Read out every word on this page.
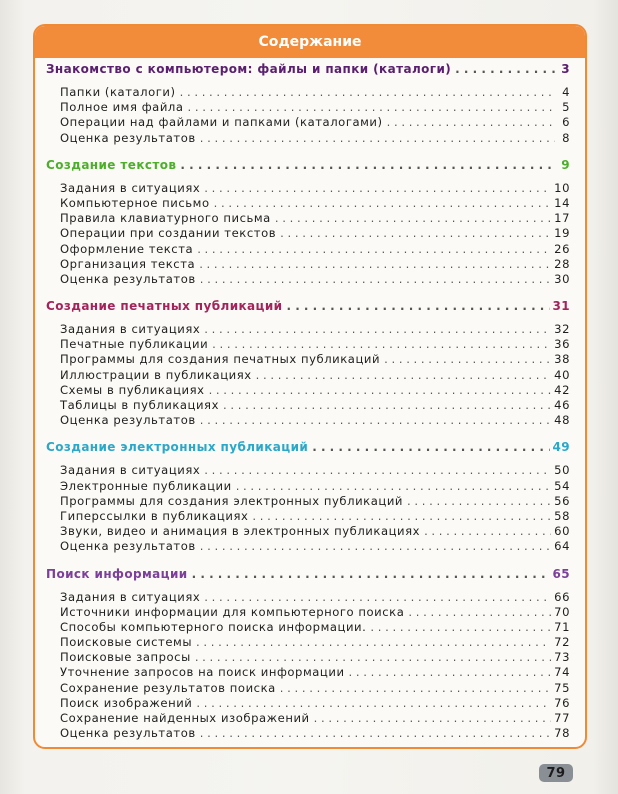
Содержание
Знакомство с компьютером: файлы и папки (каталоги) . . .	3
Папки (каталоги) . . .	4
Полное имя файла . . .	5
Операции над файлами и папками (каталогами) . . .	6
Оценка результатов . . .	8
Создание текстов . . .	9
Задания в ситуациях . . .	10
Компьютерное письмо . . .	14
Правила клавиатурного письма . . .	17
Операции при создании текстов . . .	19
Оформление текста . . .	26
Организация текста . . .	28
Оценка результатов . . .	30
Создание печатных публикаций . . .	31
Задания в ситуациях . . .	32
Печатные публикации . . .	36
Программы для создания печатных публикаций . . .	38
Иллюстрации в публикациях . . .	40
Схемы в публикациях . . .	42
Таблицы в публикациях . . .	46
Оценка результатов . . .	48
Создание электронных публикаций . . .	49
Задания в ситуациях . . .	50
Электронные публикации . . .	54
Программы для создания электронных публикаций . . .	56
Гиперссылки в публикациях . . .	58
Звуки, видео и анимация в электронных публикациях . . .	60
Оценка результатов . . .	64
Поиск информации . . .	65
Задания в ситуациях . . .	66
Источники информации для компьютерного поиска . . .	70
Способы компьютерного поиска информации. . . .	71
Поисковые системы . . .	72
Поисковые запросы . . .	73
Уточнение запросов на поиск информации . . .	74
Сохранение результатов поиска . . .	75
Поиск изображений . . .	76
Сохранение найденных изображений . . .	77
Оценка результатов . . .	78
79
